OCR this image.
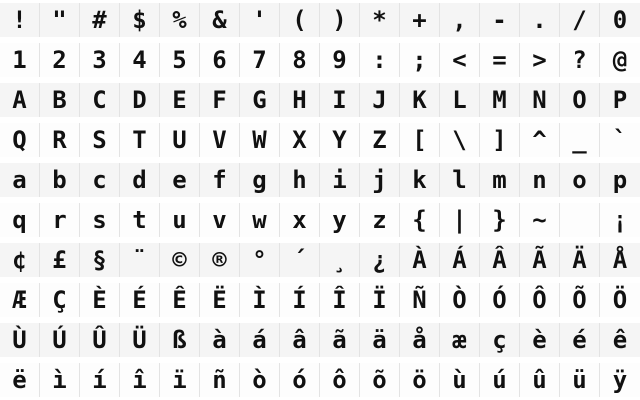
!	"	#	$	%	&	'	(	)	*	+	,	-	.	/	0
1	2	3	4	5	6	7	8	9	:	;	<	=	>	?	@
A	B	C	D	E	F	G	H	I	J	K	L	M	N	O	P
Q	R	S	T	U	V	W	X	Y	Z	[	\	]	^	_	`
a	b	c	d	e	f	g	h	i	j	k	l	m	n	o	p
q	r	s	t	u	v	w	x	y	z	{	|	}	~	¡
¢	£	§	¨	©	®	°	´	¸	¿	À	Á	Â	Ã	Ä	Å
Æ	Ç	È	É	Ê	Ë	Ì	Í	Î	Ï	Ñ	Ò	Ó	Ô	Õ	Ö
Ù	Ú	Û	Ü	ß	à	á	â	ã	ä	å	æ	ç	è	é	ê
ë	ì	í	î	ï	ñ	ò	ó	ô	õ	ö	ù	ú	û	ü	ÿ
